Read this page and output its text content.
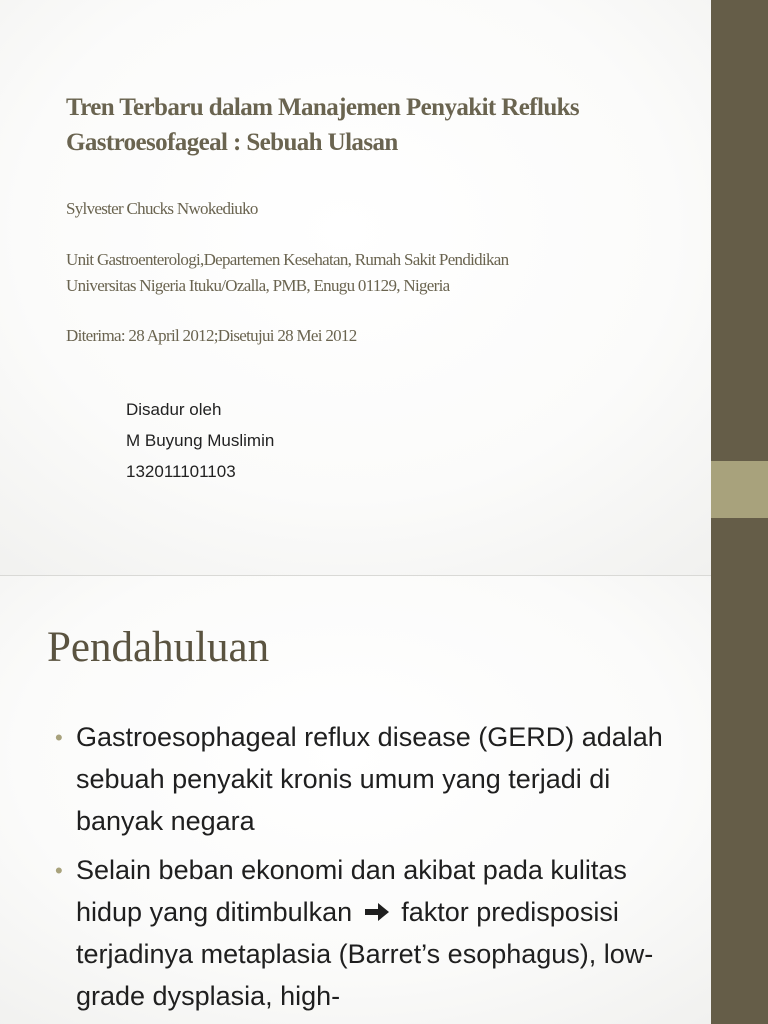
Tren Terbaru dalam Manajemen Penyakit Refluks Gastroesofageal : Sebuah Ulasan

Sylvester Chucks Nwokediuko

Unit Gastroenterologi,Departemen Kesehatan, Rumah Sakit Pendidikan
Universitas Nigeria Ituku/Ozalla, PMB, Enugu 01129, Nigeria

Diterima: 28 April 2012;Disetujui 28 Mei 2012

Disadur oleh
M Buyung Muslimin
132011101103
Pendahuluan
• Gastroesophageal reflux disease (GERD) adalah sebuah penyakit kronis umum yang terjadi di banyak negara
• Selain beban ekonomi dan akibat pada kulitas hidup yang ditimbulkan faktor predisposisi terjadinya metaplasia (Barret’s esophagus), low-grade dysplasia, high-
